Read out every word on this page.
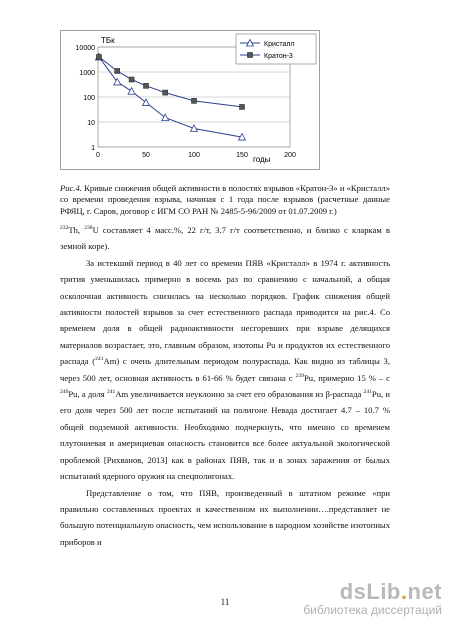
1
10
100
1000
10000
0	50	100	150	200
ТБк
годы
Кристалл
Кратон-3
Рис.4. Кривые снижения общей активности в полостях взрывов «Кратон-3» и «Кристалл» со времени проведения взрыва, начиная с 1 года после взрывов (расчетные данные РФЯЦ, г. Саров, договор с ИГМ СО РАН № 2485-5-96/2009 от 01.07.2009 г.)

$^{232}$Th, $^{238}$U составляет 4 масс.%, 22 г/т, 3.7 г/т соответственно, и близко с кларкам в земной коре).

За истекший период в 40 лет со времени ПЯВ «Кристалл» в 1974 г. активность трития уменьшилась примерно в восемь раз по сравнению с начальной, а общая осколочная активность снизилась на несколько порядков. График снижения общей активности полостей взрывов за счет естественного распада приводится на рис.4. Со временем доля в общей радиоактивности несгоревших при взрыве делящихся материалов возрастает, это, главным образом, изотопы Pu и продуктов их естественного распада ($^{241}$Am) с очень длительным периодом полураспада. Как видно из таблицы 3, через 500 лет, основная активность в 61-66 % будет связана с $^{239}$Pu, примерно 15 % – с $^{240}$Pu, а доля $^{241}$Am увеличивается неуклонно за счет его образования из β-распада $^{241}$Pu, и его доля через 500 лет после испытаний на полигоне Невада достигает 4.7 – 10.7 % общей подземной активности. Необходимо подчеркнуть, что именно со временем плутониевая и америциевая опасность становится все более актуальной экологической проблемой [Рихванов, 2013] как в районах ПЯВ, так и в зонах заражения от былых испытаний ядерного оружия на спецполигонах.

Представление о том, что ПЯВ, произведенный в штатном режиме «при правильно составленных проектах и качественном их выполнении….представляет не большую потенциальную опасность, чем использование в народном хозяйстве изотопных приборов и

11	dsLib.net
библиотека диссертаций
